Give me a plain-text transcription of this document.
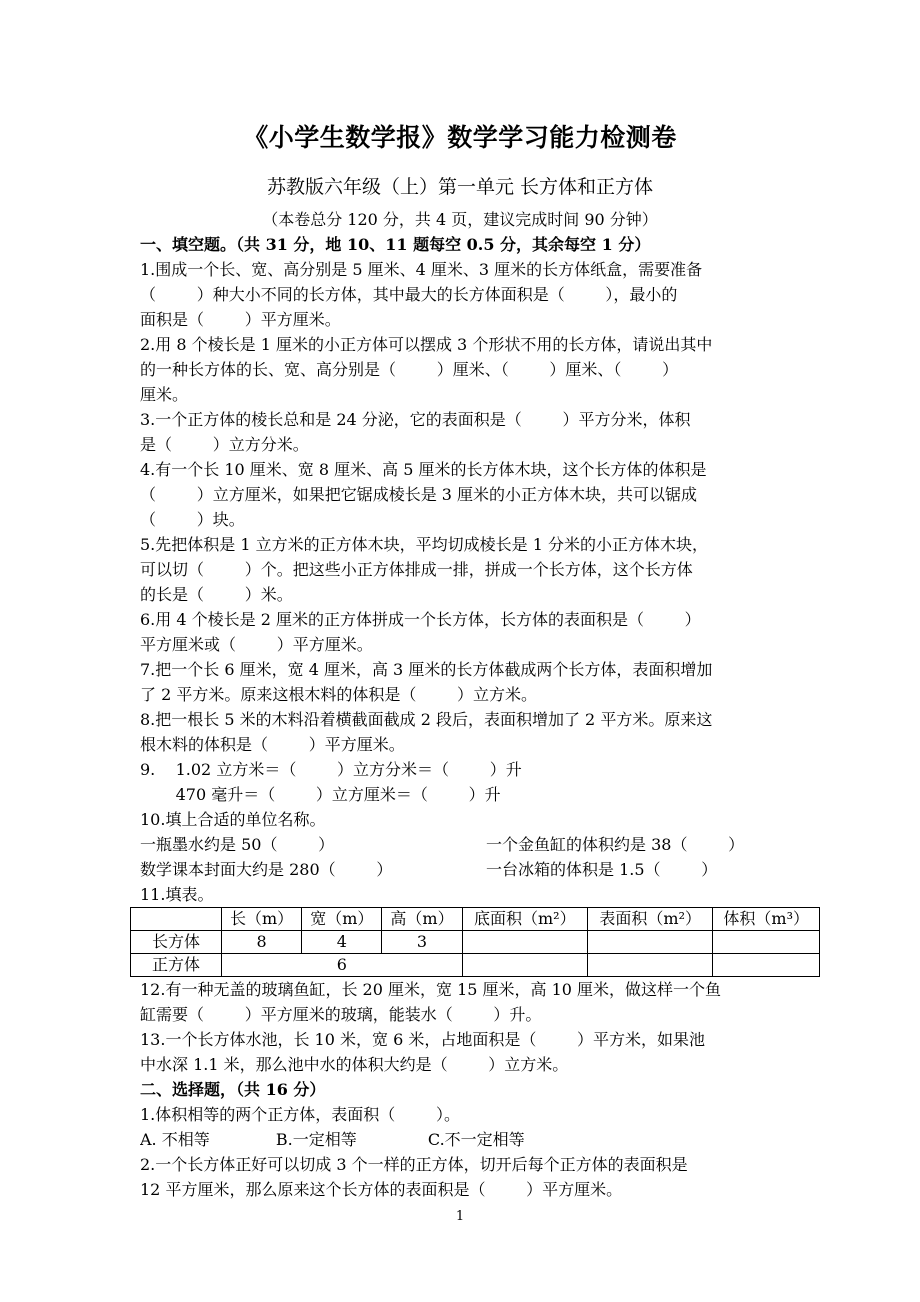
《小学生数学报》数学学习能力检测卷
苏教版六年级（上）第一单元 长方体和正方体
（本卷总分 120 分，共 4 页，建议完成时间 90 分钟）
一、填空题。（共 31 分，地 10、11 题每空 0.5 分，其余每空 1 分）
1.围成一个长、宽、高分别是 5 厘米、4 厘米、3 厘米的长方体纸盒，需要准备
（        ）种大小不同的长方体，其中最大的长方体面积是（        ），最小的
面积是（        ）平方厘米。
2.用 8 个棱长是 1 厘米的小正方体可以摆成 3 个形状不用的长方体，请说出其中
的一种长方体的长、宽、高分别是（        ）厘米、（        ）厘米、（        ）
厘米。
3.一个正方体的棱长总和是 24 分泌，它的表面积是（        ）平方分米，体积
是（        ）立方分米。
4.有一个长 10 厘米、宽 8 厘米、高 5 厘米的长方体木块，这个长方体的体积是
（        ）立方厘米，如果把它锯成棱长是 3 厘米的小正方体木块，共可以锯成
（        ）块。
5.先把体积是 1 立方米的正方体木块，平均切成棱长是 1 分米的小正方体木块，
可以切（        ）个。把这些小正方体排成一排，拼成一个长方体，这个长方体
的长是（        ）米。
6.用 4 个棱长是 2 厘米的正方体拼成一个长方体，长方体的表面积是（        ）
平方厘米或（        ）平方厘米。
7.把一个长 6 厘米，宽 4 厘米，高 3 厘米的长方体截成两个长方体，表面积增加
了 2 平方米。原来这根木料的体积是（        ）立方米。
8.把一根长 5 米的木料沿着横截面截成 2 段后，表面积增加了 2 平方米。原来这
根木料的体积是（        ）平方厘米。
9.    1.02 立方米＝（        ）立方分米＝（        ）升
470 毫升＝（        ）立方厘米＝（        ）升
10.填上合适的单位名称。
一瓶墨水约是 50（        ）	一个金鱼缸的体积约是 38（        ）
数学课本封面大约是 280（        ）	一台冰箱的体积是 1.5（        ）
11.填表。
	长（m）	宽（m）	高（m）	底面积（m²）	表面积（m²）	体积（m³）
长方体	8	4	3			
正方体	6					
12.有一种无盖的玻璃鱼缸，长 20 厘米，宽 15 厘米，高 10 厘米，做这样一个鱼
缸需要（        ）平方厘米的玻璃，能装水（        ）升。
13.一个长方体水池，长 10 米，宽 6 米，占地面积是（        ）平方米，如果池
中水深 1.1 米，那么池中水的体积大约是（        ）立方米。
二、选择题，（共 16 分）
1.体积相等的两个正方体，表面积（        ）。
A. 不相等             B.一定相等              C.不一定相等
2.一个长方体正好可以切成 3 个一样的正方体，切开后每个正方体的表面积是
12 平方厘米，那么原来这个长方体的表面积是（        ）平方厘米。
1
